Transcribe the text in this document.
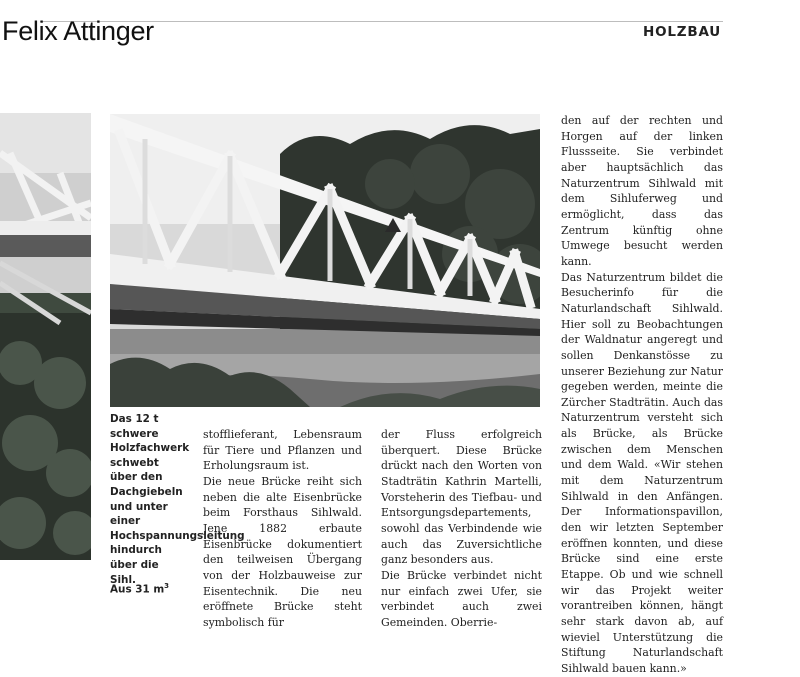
Felix Attinger	HOLZBAU
Das 12 t schwere Holzfachwerk schwebt über den Dachgiebeln und unter einer Hochspannungsleitung hindurch über die Sihl.
Aus 31 $m^3$

stofflieferant, Lebensraum für Tiere und Pflanzen und Erholungsraum ist.

Die neue Brücke reiht sich neben die alte Eisenbrücke beim Forsthaus Sihlwald. Jene 1882 erbaute Eisenbrücke dokumentiert den teilweisen Übergang von der Holzbauweise zur Eisentechnik. Die neu eröffnete Brücke steht symbolisch für

der Fluss erfolgreich überquert. Diese Brücke drückt nach den Worten von Stadträtin Kathrin Martelli, Vorsteherin des Tiefbau- und Entsorgungsdepartements, sowohl das Verbindende wie auch das Zuversichtliche ganz besonders aus.

Die Brücke verbindet nicht nur einfach zwei Ufer, sie verbindet auch zwei Gemeinden. Oberrie-

den auf der rechten und Horgen auf der linken Flussseite. Sie verbindet aber hauptsächlich das Naturzentrum Sihlwald mit dem Sihluferweg und ermöglicht, dass das Zentrum künftig ohne Umwege besucht werden kann.

Das Naturzentrum bildet die Besucherinfo für die Naturlandschaft Sihlwald. Hier soll zu Beobachtungen der Waldnatur angeregt und sollen Denkanstösse zu unserer Beziehung zur Natur gegeben werden, meinte die Zürcher Stadträtin. Auch das Naturzentrum versteht sich als Brücke, als Brücke zwischen dem Menschen und dem Wald. «Wir stehen mit dem Naturzentrum Sihlwald in den Anfängen. Der Informationspavillon, den wir letzten September eröffnen konnten, und diese Brücke sind eine erste Etappe. Ob und wie schnell wir das Projekt weiter vorantreiben können, hängt sehr stark davon ab, auf wieviel Unterstützung die Stiftung Naturlandschaft Sihlwald bauen kann.»
